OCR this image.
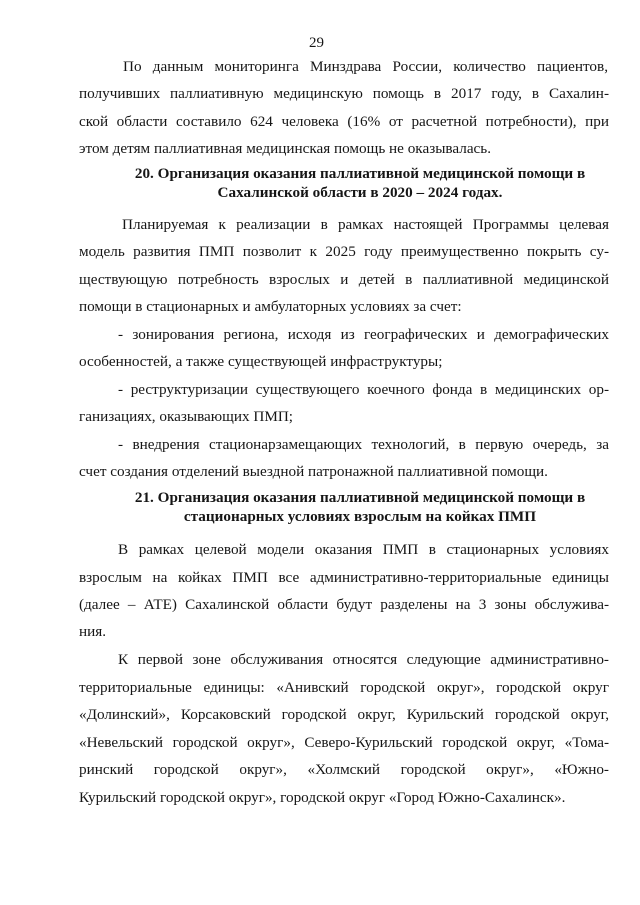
29

По данным мониторинга Минздрава России, количество пациентов,

получивших паллиативную медицинскую помощь в 2017 году, в Сахалин-

ской области составило 624 человека (16% от расчетной потребности), при

этом детям паллиативная медицинская помощь не оказывалась.

20. Организация оказания паллиативной медицинской помощи в

Сахалинской области в 2020 – 2024 годах.

Планируемая к реализации в рамках настоящей Программы целевая

модель развития ПМП позволит к 2025 году преимущественно покрыть су-

ществующую потребность взрослых и детей в паллиативной медицинской

помощи в стационарных и амбулаторных условиях за счет:

- зонирования региона, исходя из географических и демографических

особенностей, а также существующей инфраструктуры;

- реструктуризации существующего коечного фонда в медицинских ор-

ганизациях, оказывающих ПМП;

- внедрения стационарзамещающих технологий, в первую очередь, за

счет создания отделений выездной патронажной паллиативной помощи.

21. Организация оказания паллиативной медицинской помощи в

стационарных условиях взрослым на койках ПМП

В рамках целевой модели оказания ПМП в стационарных условиях

взрослым на койках ПМП все административно-территориальные единицы

(далее – АТЕ) Сахалинской области будут разделены на 3 зоны обслужива-

ния.

К первой зоне обслуживания относятся следующие административно-

территориальные единицы: «Анивский городской округ», городской округ

«Долинский», Корсаковский городской округ, Курильский городской округ,

«Невельский городской округ», Северо-Курильский городской округ, «Тома-

ринский городской округ», «Холмский городской округ», «Южно-

Курильский городской округ», городской округ «Город Южно-Сахалинск».
